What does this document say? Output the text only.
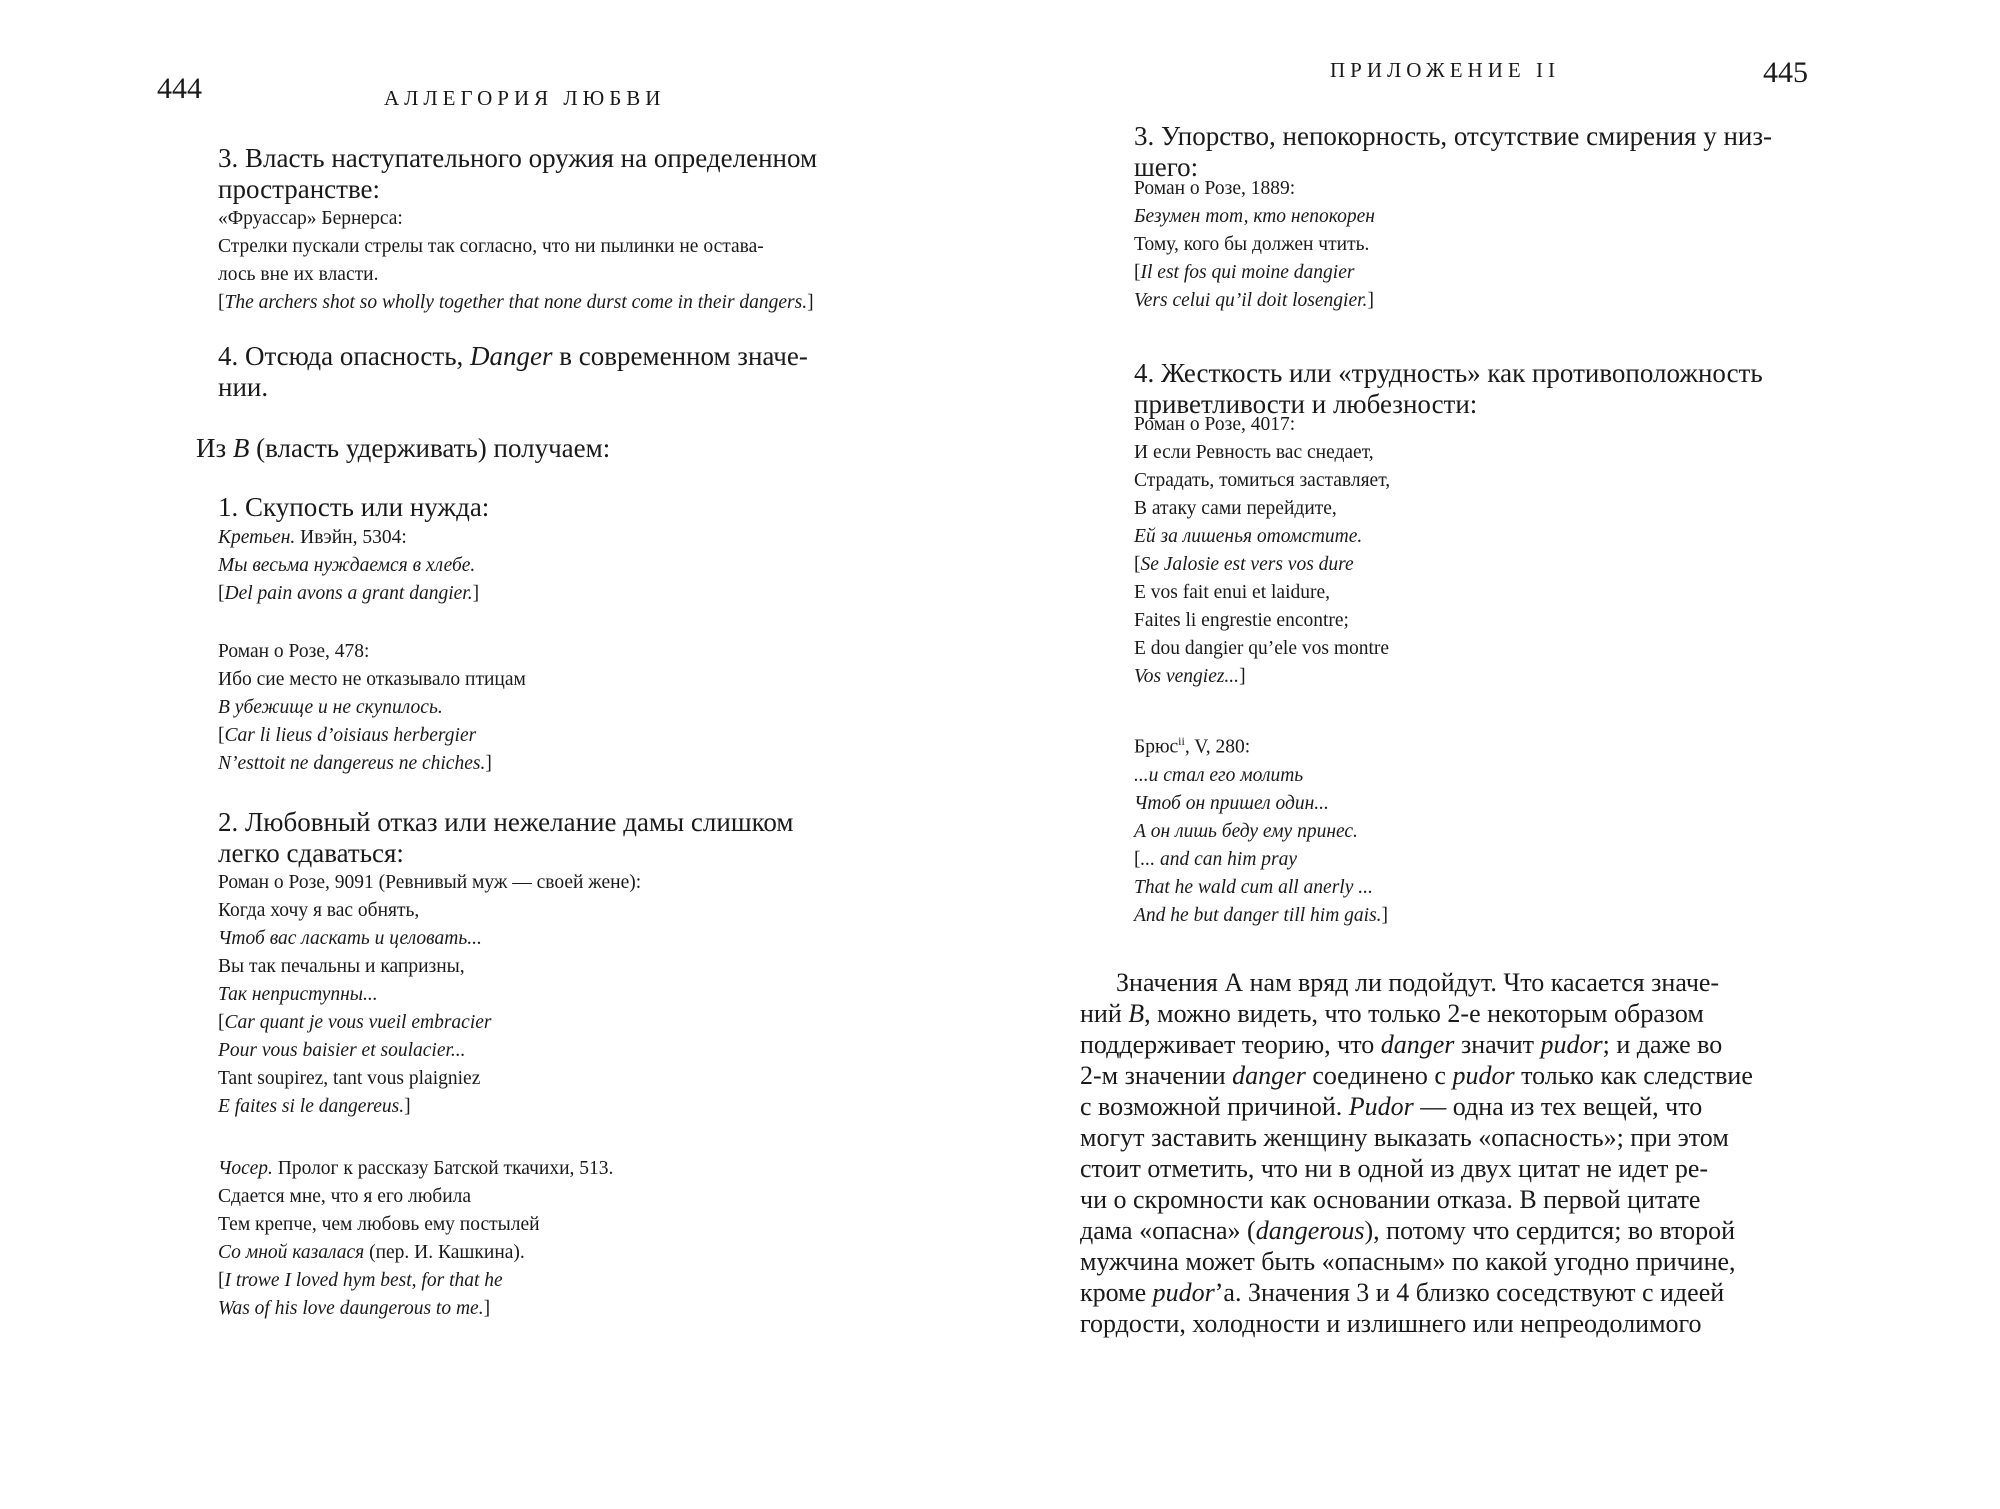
444	АЛЛЕГОРИЯ ЛЮБВИ
3. Власть наступательного оружия на определенном
пространстве:
«Фруассар» Бернерса:
Стрелки пускали стрелы так согласно, что ни пылинки не остава-
лось вне их власти.
[The archers shot so wholly together that none durst come in their dangers.]
4. Отсюда опасность, Danger в современном значе-
нии.
Из B (власть удерживать) получаем:
1. Скупость или нужда:
Кретьен. Ивэйн, 5304:
Мы весьма нуждаемся в хлебе.
[Del pain avons a grant dangier.]
Роман о Розе, 478:
Ибо сие место не отказывало птицам
В убежище и не скупилось.
[Car li lieus d’oisiaus herbergier
N’esttoit ne dangereus ne chiches.]
2. Любовный отказ или нежелание дамы слишком
легко сдаваться:
Роман о Розе, 9091 (Ревнивый муж — своей жене):
Когда хочу я вас обнять,
Чтоб вас ласкать и целовать...
Вы так печальны и капризны,
Так неприступны...
[Car quant je vous vueil embracier
Pour vous baisier et soulacier...
Tant soupirez, tant vous plaigniez
E faites si le dangereus.]
Чосер. Пролог к рассказу Батской ткачихи, 513.
Сдается мне, что я его любила
Тем крепче, чем любовь ему постылей
Со мной казалася (пер. И. Кашкина).
[I trowe I loved hym best, for that he
Was of his love daungerous to me.]
ПРИЛОЖЕНИЕ II	445
3. Упорство, непокорность, отсутствие смирения у низ-
шего:
Роман о Розе, 1889:
Безумен тот, кто непокорен
Тому, кого бы должен чтить.
[Il est fos qui moine dangier
Vers celui qu’il doit losengier.]
4. Жесткость или «трудность» как противоположность
приветливости и любезности:
Роман о Розе, 4017:
И если Ревность вас снедает,
Страдать, томиться заставляет,
В атаку сами перейдите,
Ей за лишенья отомстите.
[Se Jalosie est vers vos dure
E vos fait enui et laidure,
Faites li engrestie encontre;
E dou dangier qu’ele vos montre
Vos vengiez...]
Брюс$^{ii}$, V, 280:
...и стал его молить
Чтоб он пришел один...
А он лишь беду ему принес.
[... and can him pray
That he wald cum all anerly ...
And he but danger till him gais.]
Значения А нам вряд ли подойдут. Что касается значе-
ний B, можно видеть, что только 2-е некоторым образом
поддерживает теорию, что danger значит pudor; и даже во
2-м значении danger соединено с pudor только как следствие
с возможной причиной. Pudor — одна из тех вещей, что
могут заставить женщину выказать «опасность»; при этом
стоит отметить, что ни в одной из двух цитат не идет ре-
чи о скромности как основании отказа. В первой цитате
дама «опасна» (dangerous), потому что сердится; во второй
мужчина может быть «опасным» по какой угодно причине,
кроме pudor’а. Значения 3 и 4 близко соседствуют с идеей
гордости, холодности и излишнего или непреодолимого
